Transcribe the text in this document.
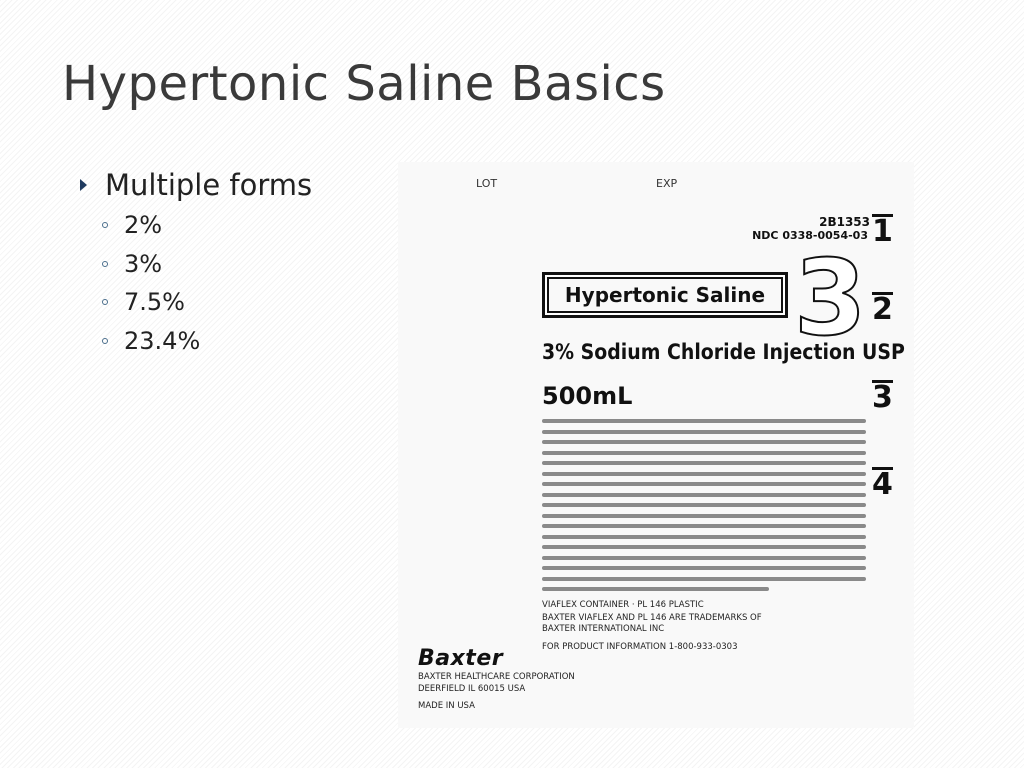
Hypertonic Saline Basics
Multiple forms
2%
3%
7.5%
23.4%
LOT	EXP
2B1353
NDC 0338-0054-03
Hypertonic Saline 3
1
2
3
4
3% Sodium Chloride Injection USP
500mL
VIAFLEX CONTAINER · PL 146 PLASTIC
BAXTER VIAFLEX AND PL 146 ARE TRADEMARKS OF
BAXTER INTERNATIONAL INC
FOR PRODUCT INFORMATION 1-800-933-0303
Baxter
BAXTER HEALTHCARE CORPORATION
DEERFIELD IL 60015 USA
MADE IN USA
